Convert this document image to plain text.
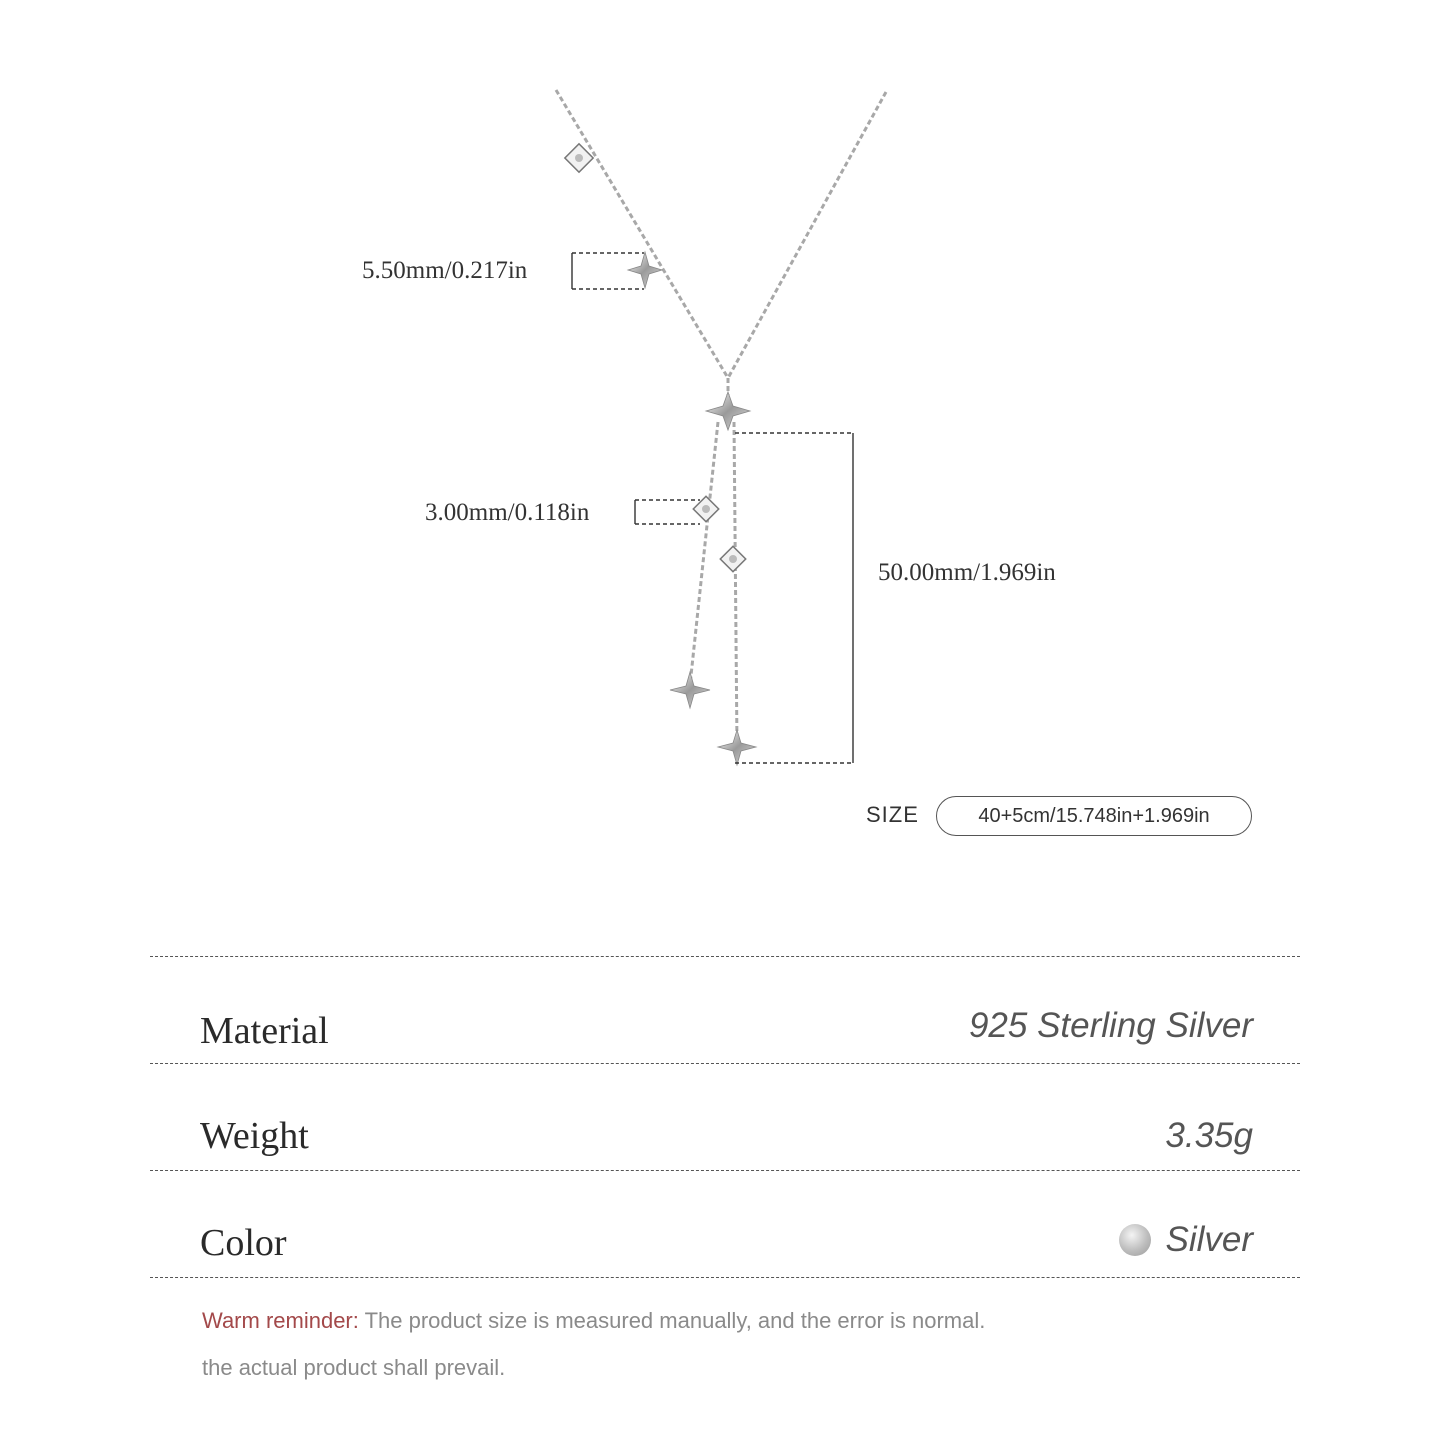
5.50mm/0.217in
3.00mm/0.118in
50.00mm/1.969in
SIZE	40+5cm/15.748in+1.969in
Material	925 Sterling Silver
Weight	3.35g
Color	Silver
Warm reminder: The product size is measured manually, and the error is normal.
the actual product shall prevail.
